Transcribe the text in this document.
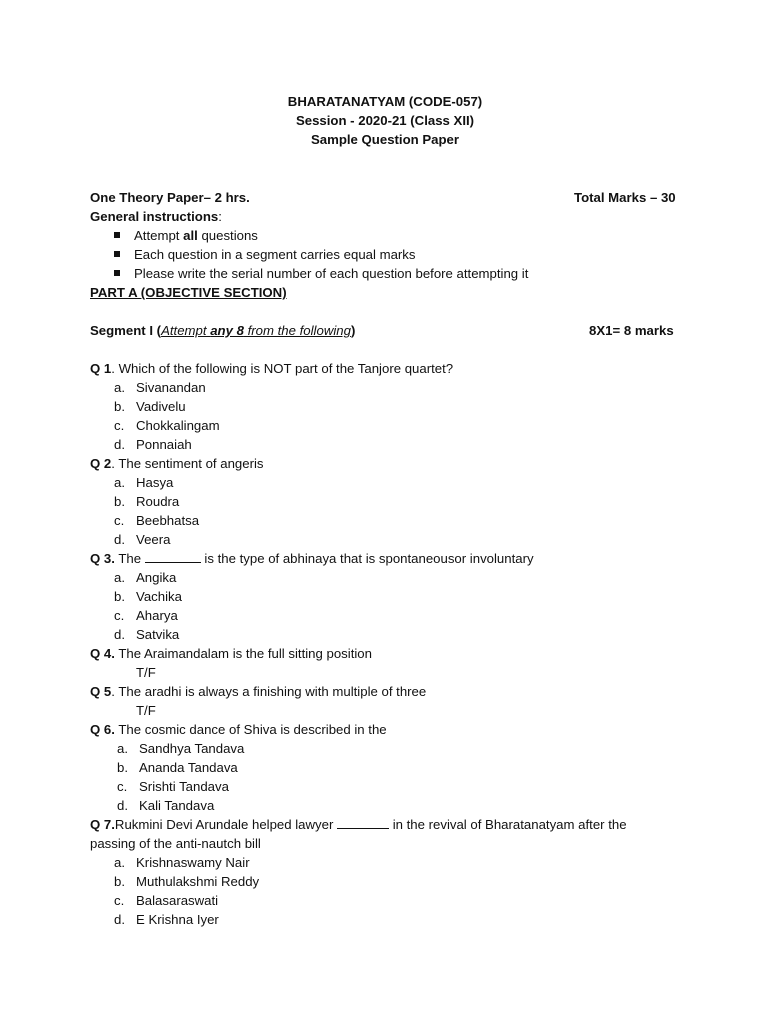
BHARATANATYAM (CODE-057)
Session - 2020-21 (Class XII)
Sample Question Paper
One Theory Paper– 2 hrs.	Total Marks – 30
General instructions:
Attempt all questions
Each question in a segment carries equal marks
Please write the serial number of each question before attempting it
PART A (OBJECTIVE SECTION)
Segment I (Attempt any 8 from the following)	8X1= 8 marks
Q 1. Which of the following is NOT part of the Tanjore quartet?
a. Sivanandan
b. Vadivelu
c. Chokkalingam
d. Ponnaiah
Q 2. The sentiment of angeris
a. Hasya
b. Roudra
c. Beebhatsa
d. Veera
Q 3. The	is the type of abhinaya that is spontaneousor involuntary
a. Angika
b. Vachika
c. Aharya
d. Satvika
Q 4. The Araimandalam is the full sitting position
T/F
Q 5. The aradhi is always a finishing with multiple of three
T/F
Q 6. The cosmic dance of Shiva is described in the
a. Sandhya Tandava
b. Ananda Tandava
c. Srishti Tandava
d. Kali Tandava
Q 7.Rukmini Devi Arundale helped lawyer	in the revival of Bharatanatyam after the
passing of the anti-nautch bill
a. Krishnaswamy Nair
b. Muthulakshmi Reddy
c. Balasaraswati
d. E Krishna Iyer
